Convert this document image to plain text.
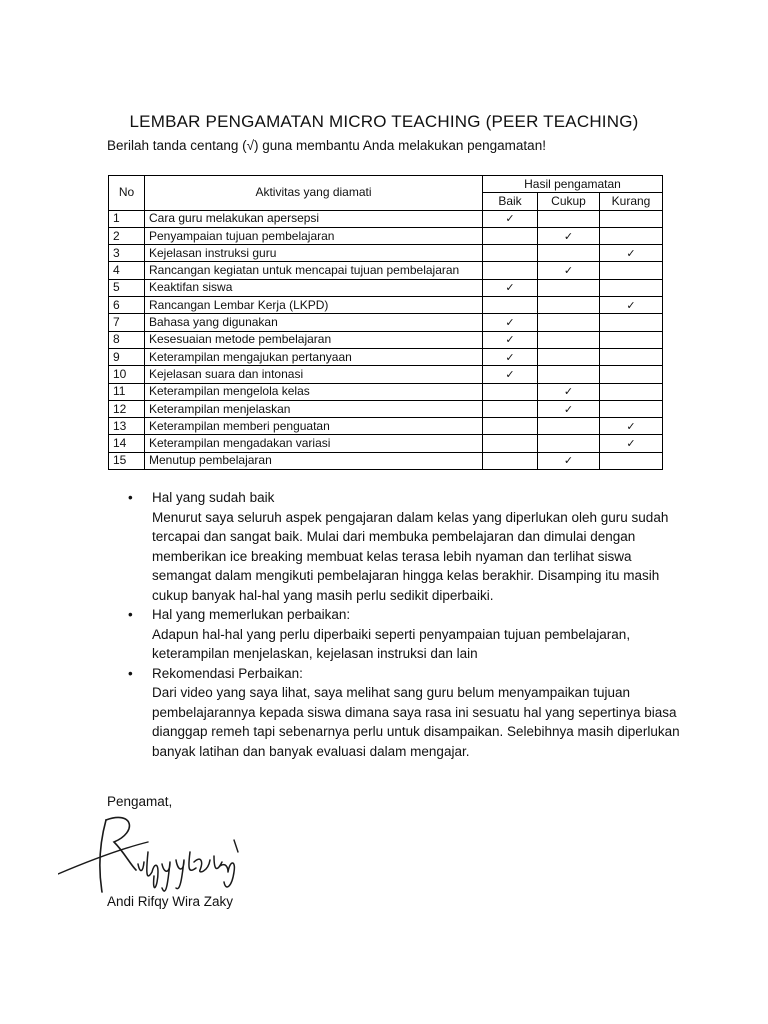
LEMBAR PENGAMATAN MICRO TEACHING (PEER TEACHING)
Berilah tanda centang (√) guna membantu Anda melakukan pengamatan!
No	Aktivitas yang diamati	Hasil pengamatan		
		Baik	Cukup	Kurang
1	Cara guru melakukan apersepsi	✓		
2	Penyampaian tujuan pembelajaran		✓	
3	Kejelasan instruksi guru			✓
4	Rancangan kegiatan untuk mencapai tujuan pembelajaran		✓	
5	Keaktifan siswa	✓		
6	Rancangan Lembar Kerja (LKPD)			✓
7	Bahasa yang digunakan	✓		
8	Kesesuaian metode pembelajaran	✓		
9	Keterampilan mengajukan pertanyaan	✓		
10	Kejelasan suara dan intonasi	✓		
11	Keterampilan mengelola kelas		✓	
12	Keterampilan menjelaskan		✓	
13	Keterampilan memberi penguatan			✓
14	Keterampilan mengadakan variasi			✓
15	Menutup pembelajaran		✓	
• Hal yang sudah baik
Menurut saya seluruh aspek pengajaran dalam kelas yang diperlukan oleh guru sudah tercapai dan sangat baik. Mulai dari membuka pembelajaran dan dimulai dengan memberikan ice breaking membuat kelas terasa lebih nyaman dan terlihat siswa semangat dalam mengikuti pembelajaran hingga kelas berakhir. Disamping itu masih cukup banyak hal-hal yang masih perlu sedikit diperbaiki.
• Hal yang memerlukan perbaikan:
Adapun hal-hal yang perlu diperbaiki seperti penyampaian tujuan pembelajaran, keterampilan menjelaskan, kejelasan instruksi dan lain
• Rekomendasi Perbaikan:
Dari video yang saya lihat, saya melihat sang guru belum menyampaikan tujuan pembelajarannya kepada siswa dimana saya rasa ini sesuatu hal yang sepertinya biasa dianggap remeh tapi sebenarnya perlu untuk disampaikan. Selebihnya masih diperlukan banyak latihan dan banyak evaluasi dalam mengajar.
Pengamat,
Andi Rifqy Wira Zaky
